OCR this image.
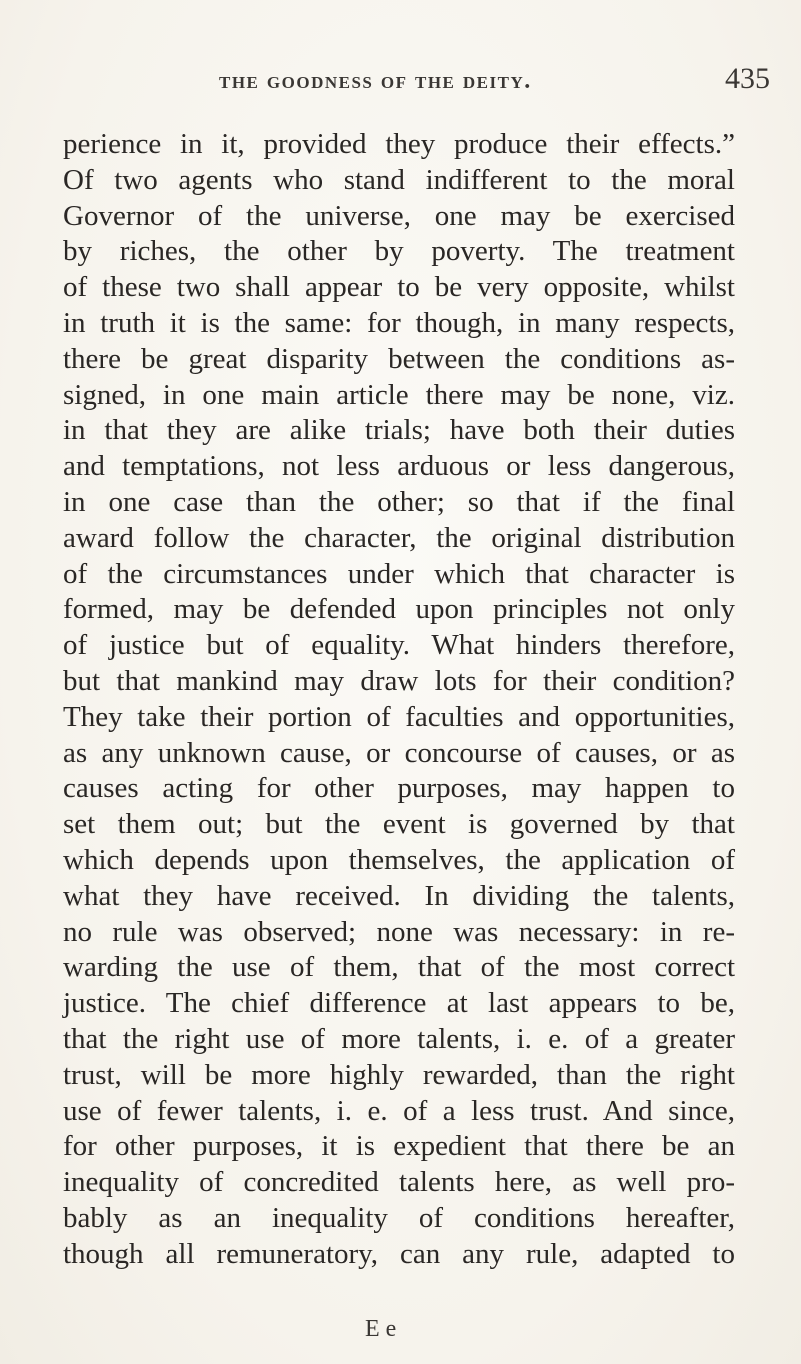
the goodness of the deity.	435
perience in it, provided they produce their effects.”
Of two agents who stand indifferent to the moral
Governor of the universe, one may be exercised
by riches, the other by poverty. The treatment
of these two shall appear to be very opposite, whilst
in truth it is the same: for though, in many respects,
there be great disparity between the conditions as-
signed, in one main article there may be none, viz.
in that they are alike trials; have both their duties
and temptations, not less arduous or less dangerous,
in one case than the other; so that if the final
award follow the character, the original distribution
of the circumstances under which that character is
formed, may be defended upon principles not only
of justice but of equality. What hinders therefore,
but that mankind may draw lots for their condition?
They take their portion of faculties and opportunities,
as any unknown cause, or concourse of causes, or as
causes acting for other purposes, may happen to
set them out; but the event is governed by that
which depends upon themselves, the application of
what they have received. In dividing the talents,
no rule was observed; none was necessary: in re-
warding the use of them, that of the most correct
justice. The chief difference at last appears to be,
that the right use of more talents, i. e. of a greater
trust, will be more highly rewarded, than the right
use of fewer talents, i. e. of a less trust. And since,
for other purposes, it is expedient that there be an
inequality of concredited talents here, as well pro-
bably as an inequality of conditions hereafter,
though all remuneratory, can any rule, adapted to
E e
